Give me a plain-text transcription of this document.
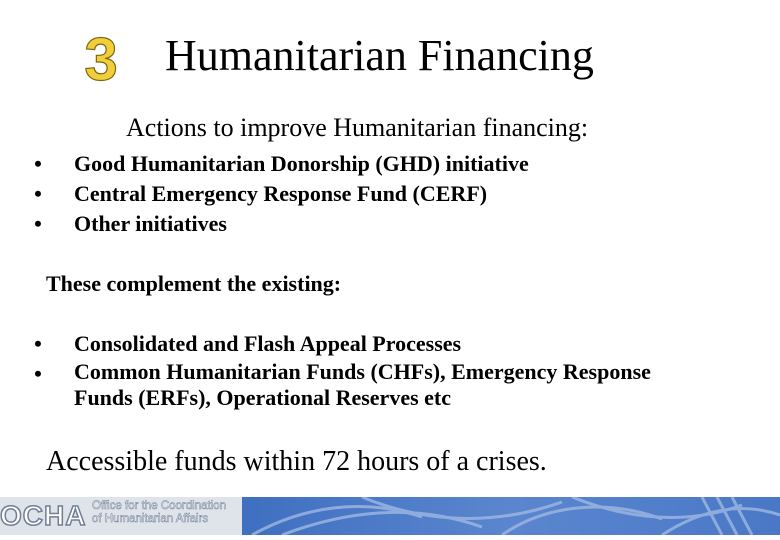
3 Humanitarian Financing
Actions to improve Humanitarian financing:
• Good Humanitarian Donorship (GHD) initiative
• Central Emergency Response Fund (CERF)
• Other initiatives
These complement the existing:
• Consolidated and Flash Appeal Processes
• Common Humanitarian Funds (CHFs), Emergency Response
Funds (ERFs), Operational Reserves etc
Accessible funds within 72 hours of a crises.
OCHA Office for the Coordination
of Humanitarian Affairs
